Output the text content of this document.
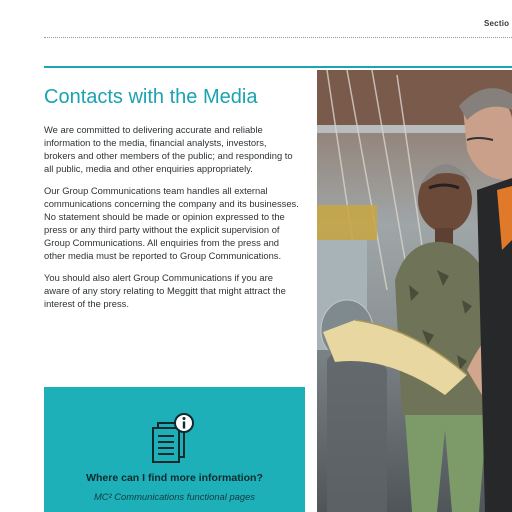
Sectio
Contacts with the Media

We are committed to delivering accurate and reliable information to the media, financial analysts, investors, brokers and other members of the public; and responding to all public, media and other enquiries appropriately.

Our Group Communications team handles all external communications concerning the company and its businesses. No statement should be made or opinion expressed to the press or any third party without the explicit supervision of Group Communications. All enquiries from the press and other media must be reported to Group Communications.

You should also alert Group Communications if you are aware of any story relating to Meggitt that might attract the interest of the press.

Where can I find more information?
MC² Communications functional pages
